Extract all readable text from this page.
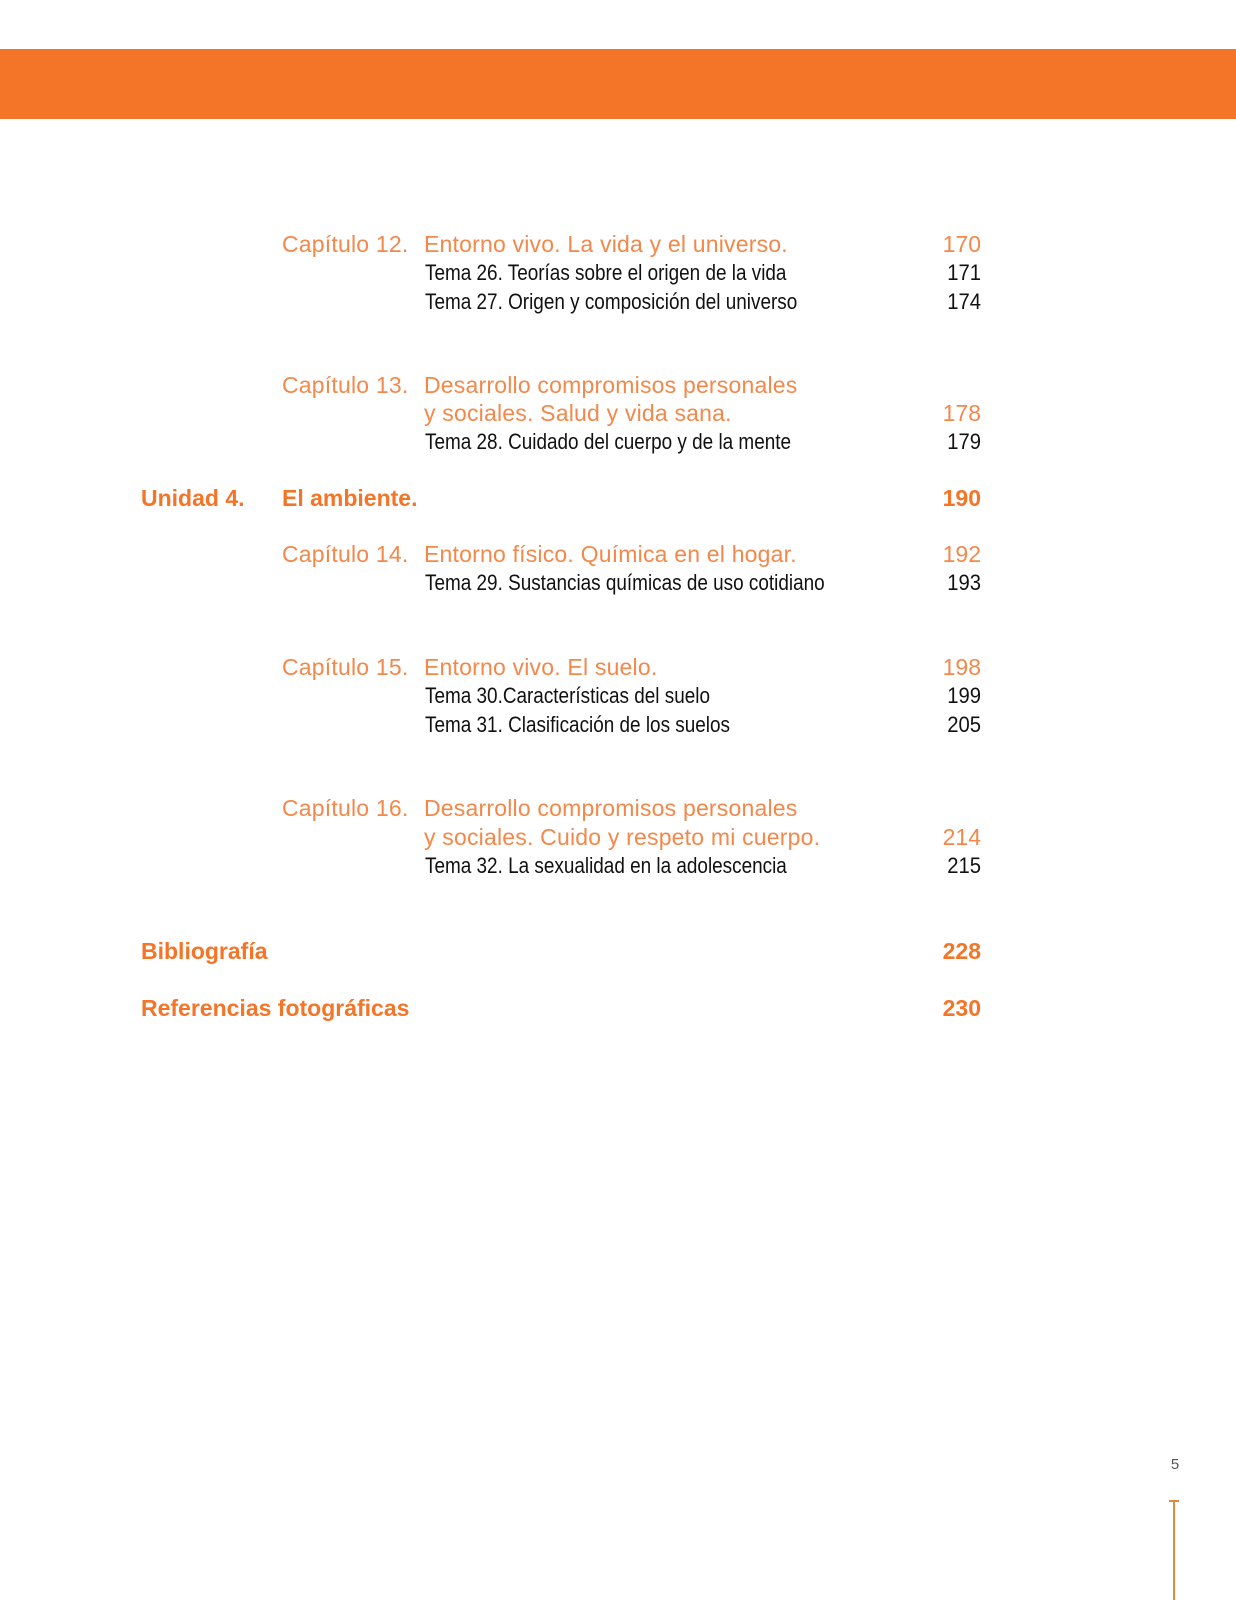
Capítulo 12. Entorno vivo. La vida y el universo.	170
Tema 26. Teorías sobre el origen de la vida	171
Tema 27. Origen y composición del universo	174
Capítulo 13. Desarrollo compromisos personales
y sociales. Salud y vida sana.	178
Tema 28. Cuidado del cuerpo y de la mente	179
Unidad 4. El ambiente.	190
Capítulo 14. Entorno físico. Química en el hogar.	192
Tema 29. Sustancias químicas de uso cotidiano	193
Capítulo 15. Entorno vivo. El suelo.	198
Tema 30.Características del suelo	199
Tema 31. Clasificación de los suelos	205
Capítulo 16. Desarrollo compromisos personales
y sociales. Cuido y respeto mi cuerpo.	214
Tema 32. La sexualidad en la adolescencia	215
Bibliografía	228
Referencias fotográficas	230
5
